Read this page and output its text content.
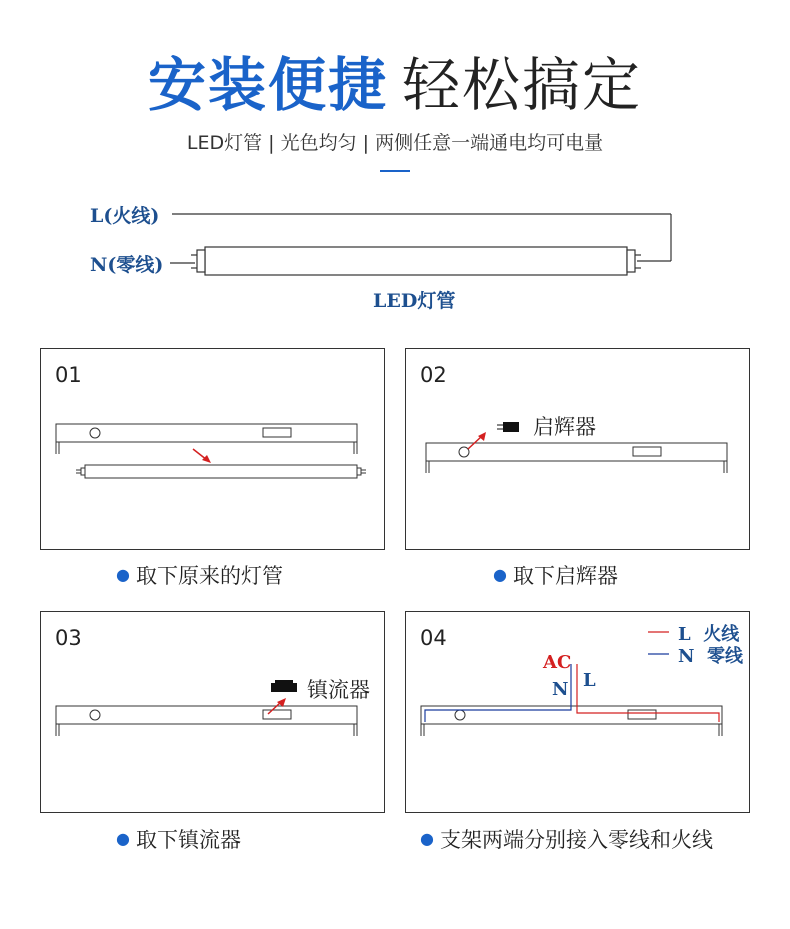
安装便捷 轻松搞定
LED灯管 | 光色均匀 | 两侧任意一端通电均可电量
L(火线)
N(零线)
LED灯管
01
● 取下原来的灯管
02
启辉器
● 取下启辉器
03
镇流器
● 取下镇流器
04	L 火线
N 零线
AC
N L
● 支架两端分别接入零线和火线
